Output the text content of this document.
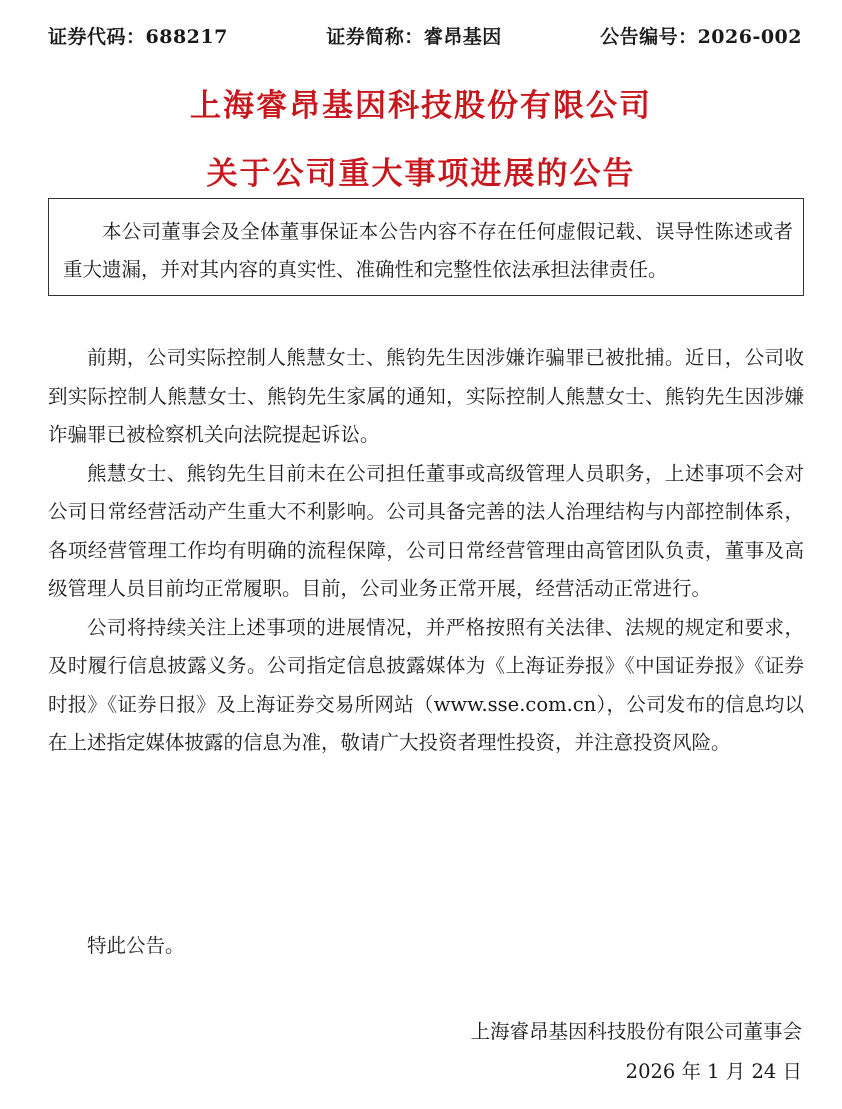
证券代码：688217	证券简称：睿昂基因	公告编号：2026-002
上海睿昂基因科技股份有限公司
关于公司重大事项进展的公告

本公司董事会及全体董事保证本公告内容不存在任何虚假记载、误导性陈述或者重大遗漏，并对其内容的真实性、准确性和完整性依法承担法律责任。

前期，公司实际控制人熊慧女士、熊钧先生因涉嫌诈骗罪已被批捕。近日，公司收到实际控制人熊慧女士、熊钧先生家属的通知，实际控制人熊慧女士、熊钧先生因涉嫌诈骗罪已被检察机关向法院提起诉讼。

熊慧女士、熊钧先生目前未在公司担任董事或高级管理人员职务，上述事项不会对公司日常经营活动产生重大不利影响。公司具备完善的法人治理结构与内部控制体系，各项经营管理工作均有明确的流程保障，公司日常经营管理由高管团队负责，董事及高级管理人员目前均正常履职。目前，公司业务正常开展，经营活动正常进行。

公司将持续关注上述事项的进展情况，并严格按照有关法律、法规的规定和要求，及时履行信息披露义务。公司指定信息披露媒体为《上海证券报》《中国证券报》《证券时报》《证券日报》及上海证券交易所网站（www.sse.com.cn），公司发布的信息均以在上述指定媒体披露的信息为准，敬请广大投资者理性投资，并注意投资风险。

特此公告。
上海睿昂基因科技股份有限公司董事会
2026 年 1 月 24 日
